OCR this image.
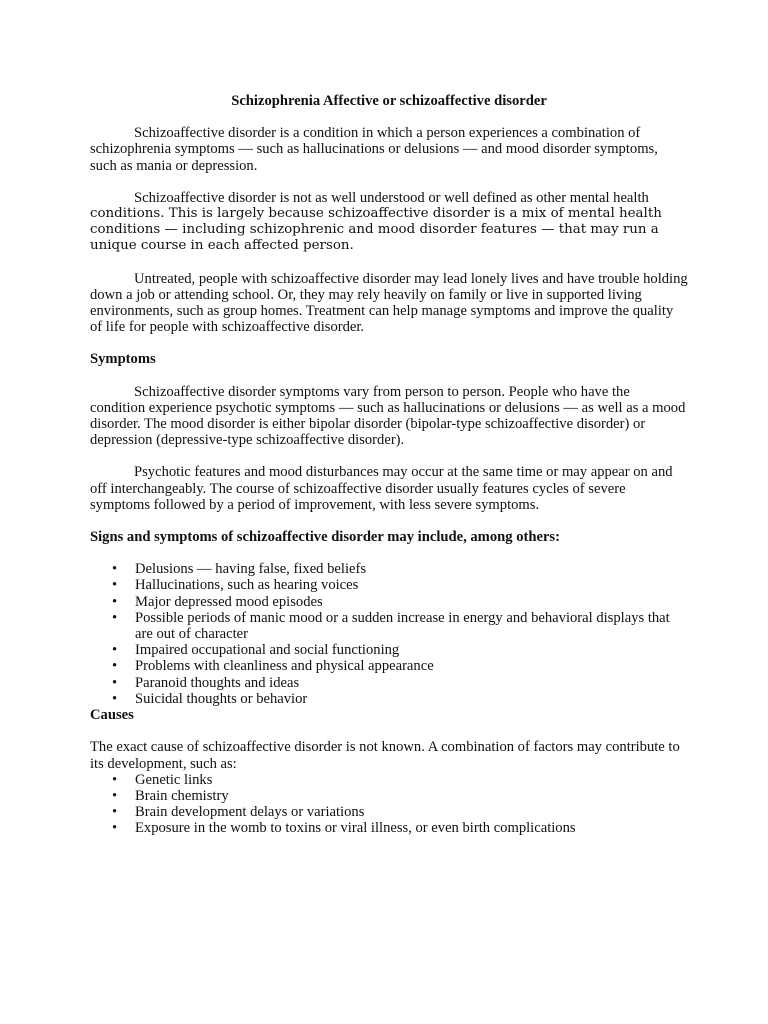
Schizophrenia Affective or schizoaffective disorder

Schizoaffective disorder is a condition in which a person experiences a combination of schizophrenia symptoms — such as hallucinations or delusions — and mood disorder symptoms, such as mania or depression.

Schizoaffective disorder is not as well understood or well defined as other mental health

conditions. This is largely because schizoaffective disorder is a mix of mental health conditions — including schizophrenic and mood disorder features — that may run a unique course in each affected person.

Untreated, people with schizoaffective disorder may lead lonely lives and have trouble holding down a job or attending school. Or, they may rely heavily on family or live in supported living environments, such as group homes. Treatment can help manage symptoms and improve the quality of life for people with schizoaffective disorder.

Symptoms

Schizoaffective disorder symptoms vary from person to person. People who have the condition experience psychotic symptoms — such as hallucinations or delusions — as well as a mood disorder. The mood disorder is either bipolar disorder (bipolar-type schizoaffective disorder) or depression (depressive-type schizoaffective disorder).

Psychotic features and mood disturbances may occur at the same time or may appear on and off interchangeably. The course of schizoaffective disorder usually features cycles of severe symptoms followed by a period of improvement, with less severe symptoms.

Signs and symptoms of schizoaffective disorder may include, among others:

• Delusions — having false, fixed beliefs
• Hallucinations, such as hearing voices
• Major depressed mood episodes
• Possible periods of manic mood or a sudden increase in energy and behavioral displays that are out of character
• Impaired occupational and social functioning
• Problems with cleanliness and physical appearance
• Paranoid thoughts and ideas
• Suicidal thoughts or behavior

Causes

The exact cause of schizoaffective disorder is not known. A combination of factors may contribute to its development, such as:

• Genetic links
• Brain chemistry
• Brain development delays or variations
• Exposure in the womb to toxins or viral illness, or even birth complications
